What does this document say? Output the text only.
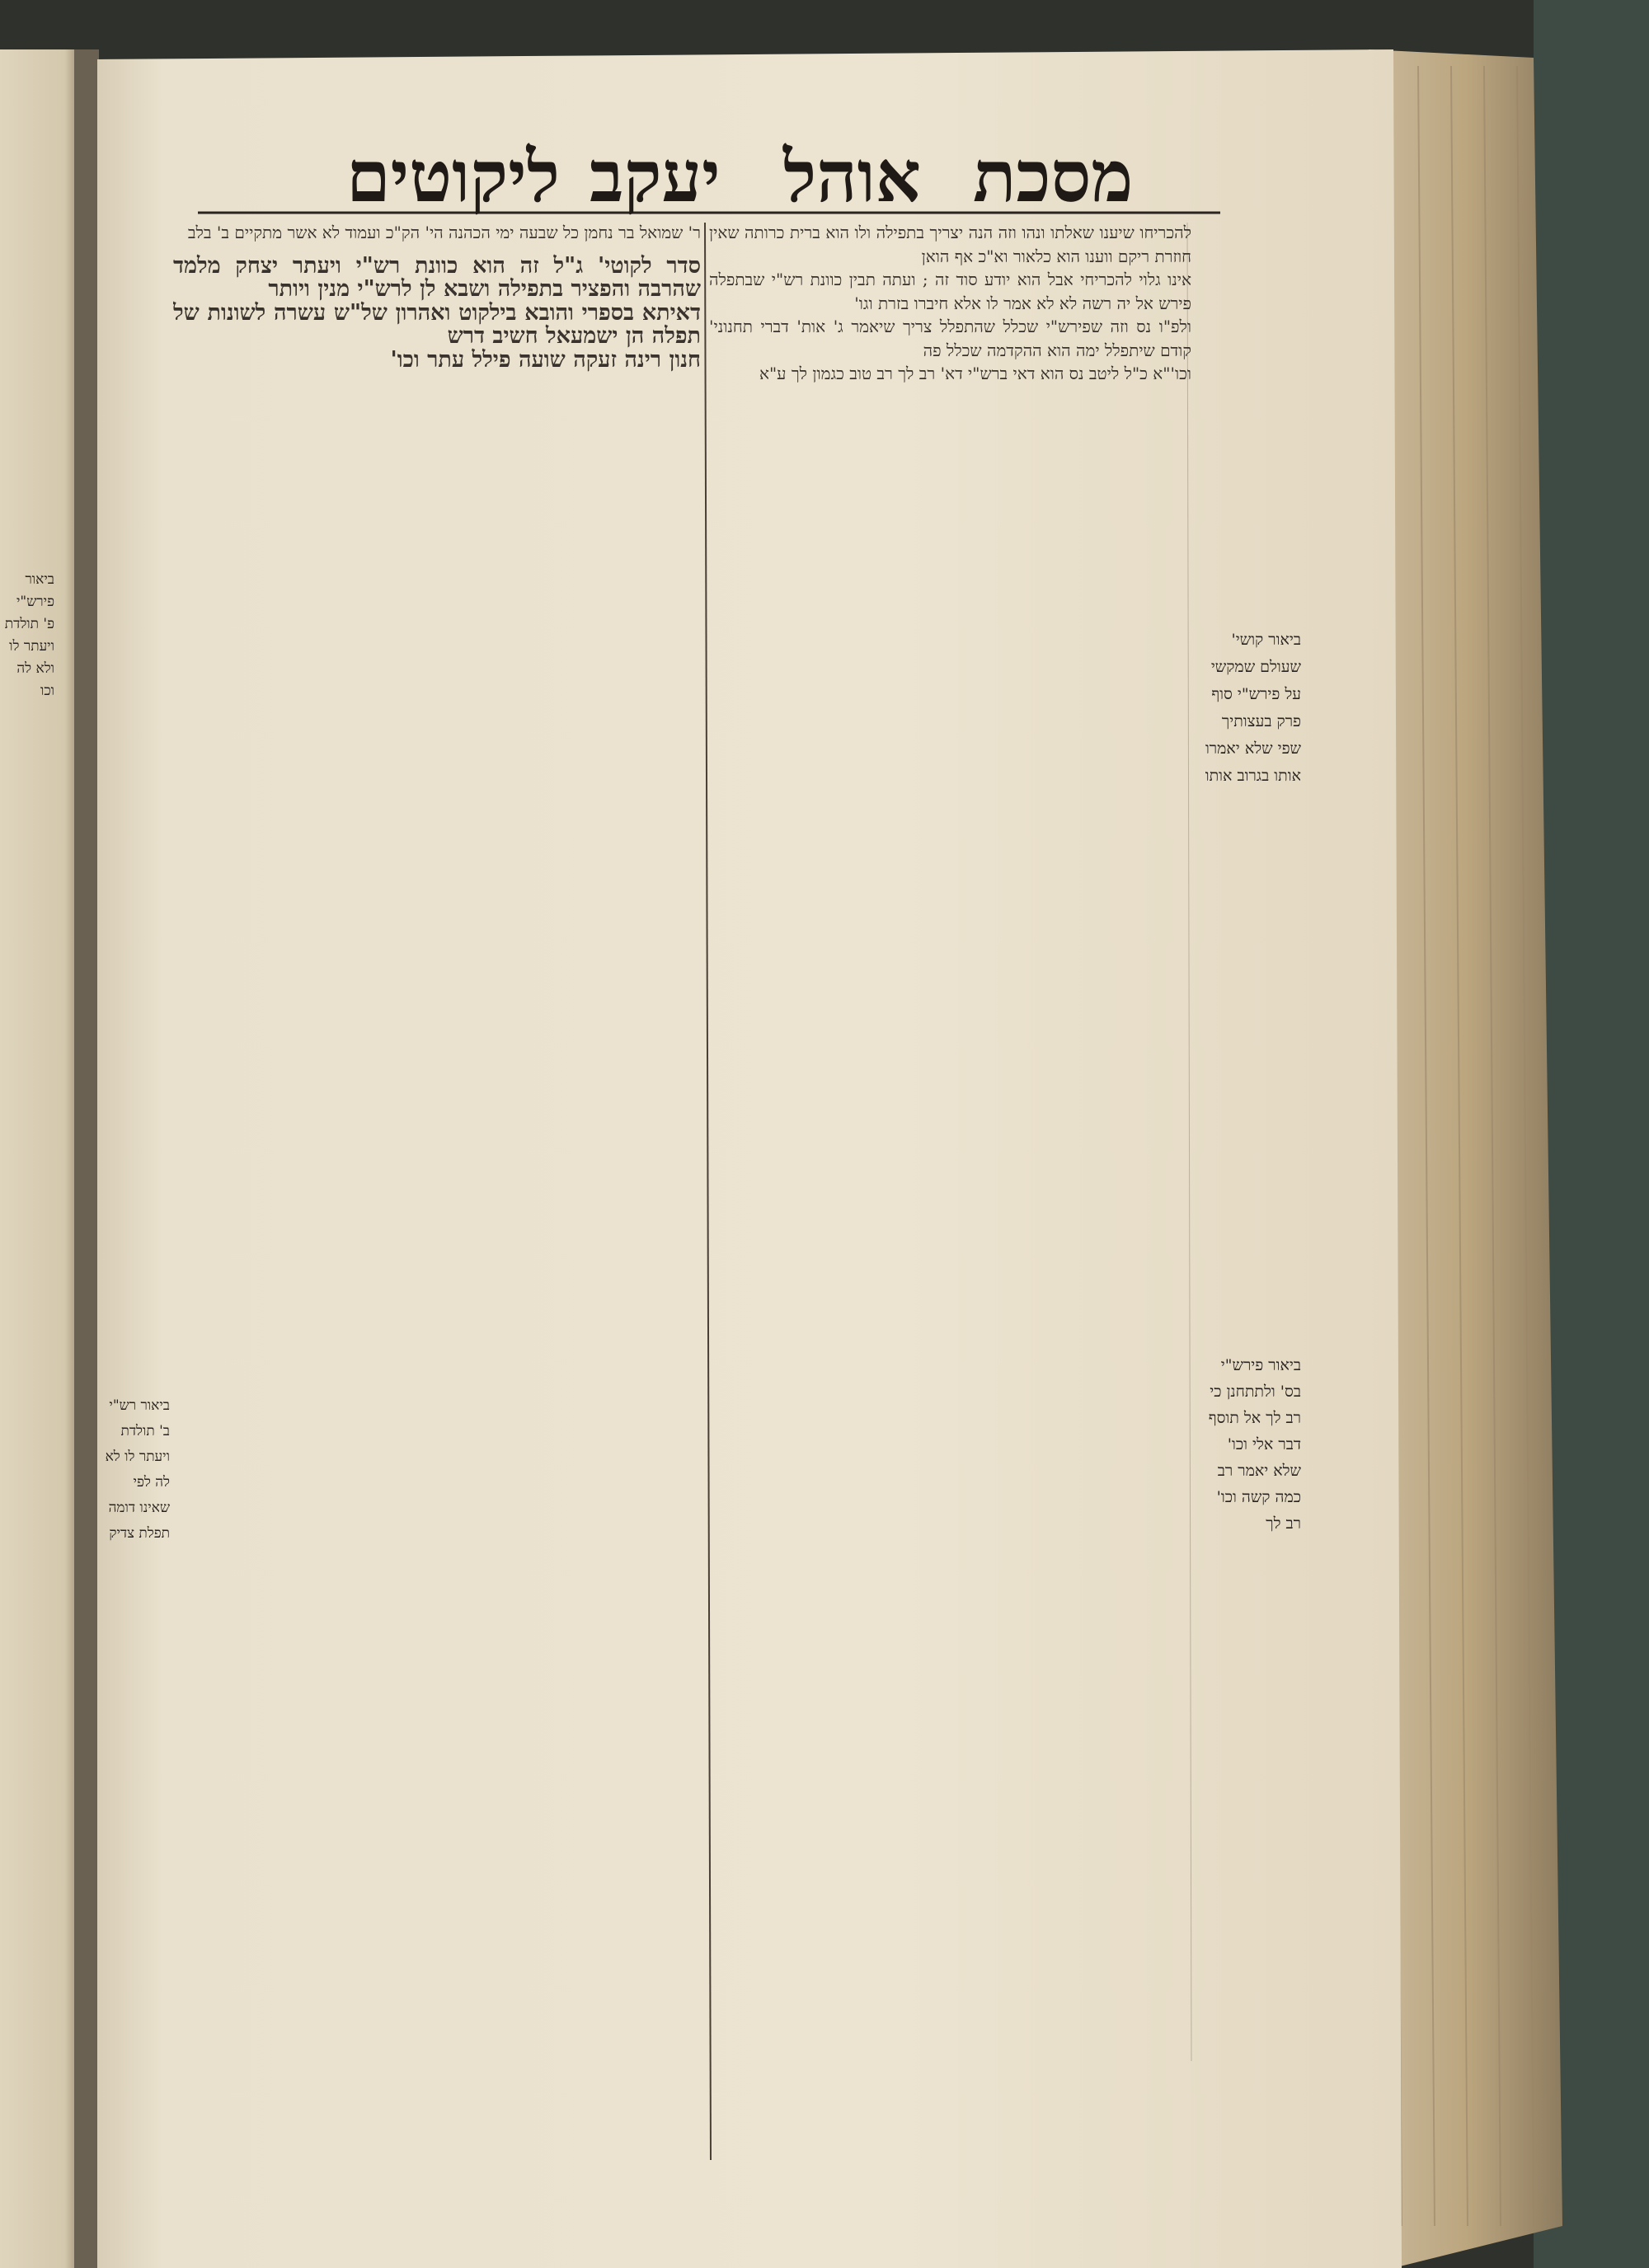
מסכת
אוהל
יעקב
ליקוטים

להכריחו שיענו שאלתו ונהו וזה הנה יצריך בתפילה ולו הוא ברית כרותה שאין חוזרת ריקם ווענו הוא כלאור וא"כ אף הואן

אינו גלוי להכריחי אבל הוא יודע סוד זה ; ועתה תבין כוונת רש"י שבתפלה פירש אל יה רשה לא לא אמר לו אלא חיברו בזרת וגו'

ולפ"ו נס וזה שפירש"י שכלל שהתפלל צריך שיאמר ג' אות' דברי תחנוני' קודם שיתפלל ימה הוא ההקדמה שכלל פה

וכו'"א כ"ל ליטב נס הוא דאי ברש"י דא' רב לך רב טוב כגמון לך ע"א

ר' שמואל בר נחמן כל שבעה ימי הכהנה הי' הק"כ ועמוד לא אשר מתקיים ב' בלב

סדר לקוטי' ג"ל זה הוא כוונת רש"י ויעתר יצחק מלמד שהרבה והפציר בתפילה ושבא לן לרש"י מנין ויותר

דאיתא בספרי והובא בילקוט ואהרון של"ש עשרה לשונות של תפלה הן ישמעאל חשיב דרש

חנון רינה זעקה שועה פילל עתר וכו'

ביאור קושי' שעולם שמקשי על פירש"י סוף פרק בעצותיך שפי שלא יאמרו אותו בגרוב אותו
ביאור פירש"י בס' ולתתחנן כי רב לך אל תוסף דבר אלי וכו' שלא יאמר רב כמה קשה וכו' רב לך
ביאור פירש"י פ' תולדת ויעתר לו ולא לה וכו
ביאור רש"י ב' תולדת ויעתר לו לא לה לפי שאינו דומה תפלת צדיק
